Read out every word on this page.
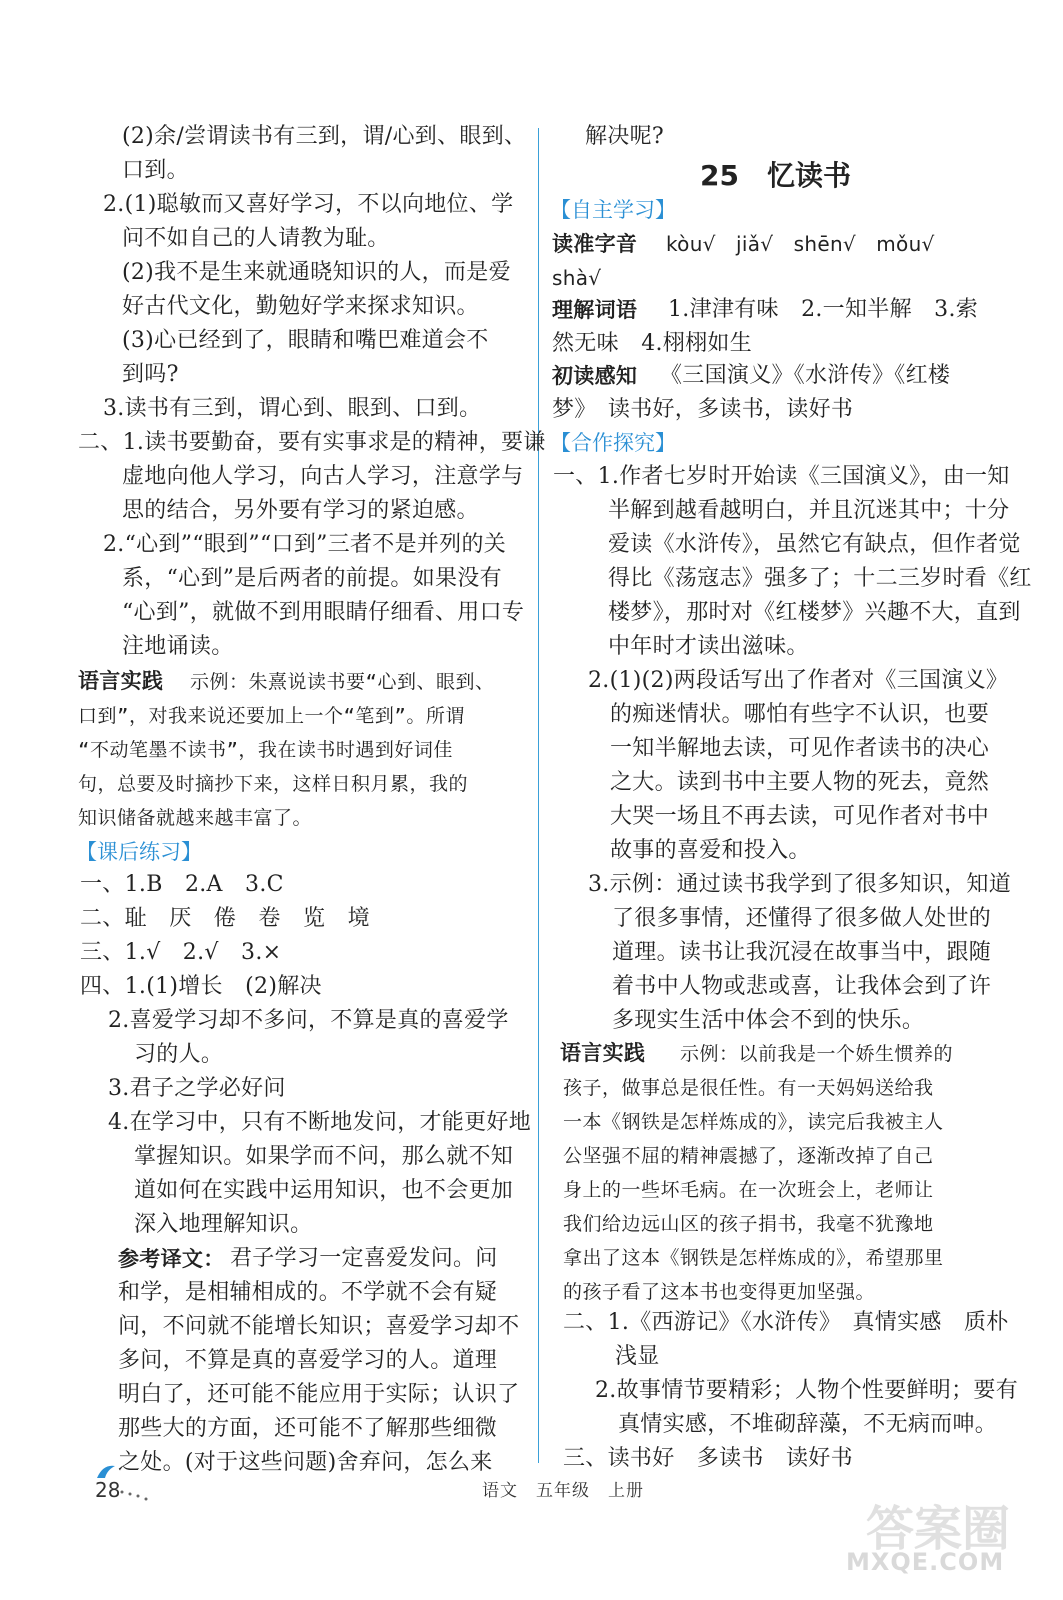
(2)余/尝谓读书有三到，谓/心到、眼到、
口到。
2.(1)聪敏而又喜好学习，不以向地位、学
问不如自己的人请教为耻。
(2)我不是生来就通晓知识的人，而是爱
好古代文化，勤勉好学来探求知识。
(3)心已经到了，眼睛和嘴巴难道会不
到吗?
3.读书有三到，谓心到、眼到、口到。
二、1.读书要勤奋，要有实事求是的精神，要谦
虚地向他人学习，向古人学习，注意学与
思的结合，另外要有学习的紧迫感。
2.“心到”“眼到”“口到”三者不是并列的关
系，“心到”是后两者的前提。如果没有
“心到”，就做不到用眼睛仔细看、用口专
注地诵读。
语言实践 示例：朱熹说读书要“心到、眼到、
口到”，对我来说还要加上一个“笔到”。所谓
“不动笔墨不读书”，我在读书时遇到好词佳
句，总要及时摘抄下来，这样日积月累，我的
知识储备就越来越丰富了。
【课后练习】
一、1.B　2.A　3.C
二、耻　厌　倦　卷　览　境
三、1.√　2.√　3.×
四、1.(1)增长　(2)解决
2.喜爱学习却不多问，不算是真的喜爱学
习的人。
3.君子之学必好问
4.在学习中，只有不断地发问，才能更好地
掌握知识。如果学而不问，那么就不知
道如何在实践中运用知识，也不会更加
深入地理解知识。
参考译文： 君子学习一定喜爱发问。问
和学，是相辅相成的。不学就不会有疑
问，不问就不能增长知识；喜爱学习却不
多问，不算是真的喜爱学习的人。道理
明白了，还可能不能应用于实际；认识了
那些大的方面，还可能不了解那些细微
之处。(对于这些问题)舍弃问，怎么来
解决呢?
25　忆读书
【自主学习】
读准字音 kòu√　jiǎ√　shēn√　mǒu√
shà√
理解词语 1.津津有味　2.一知半解　3.索
然无味　4.栩栩如生
初读感知 《三国演义》《水浒传》《红楼
梦》　读书好，多读书，读好书
【合作探究】
一、1.作者七岁时开始读《三国演义》，由一知
半解到越看越明白，并且沉迷其中；十分
爱读《水浒传》，虽然它有缺点，但作者觉
得比《荡寇志》强多了；十二三岁时看《红
楼梦》，那时对《红楼梦》兴趣不大，直到
中年时才读出滋味。
2.(1)(2)两段话写出了作者对《三国演义》
的痴迷情状。哪怕有些字不认识，也要
一知半解地去读，可见作者读书的决心
之大。读到书中主要人物的死去，竟然
大哭一场且不再去读，可见作者对书中
故事的喜爱和投入。
3.示例：通过读书我学到了很多知识，知道
了很多事情，还懂得了很多做人处世的
道理。读书让我沉浸在故事当中，跟随
着书中人物或悲或喜，让我体会到了许
多现实生活中体会不到的快乐。
语言实践 示例：以前我是一个娇生惯养的
孩子，做事总是很任性。有一天妈妈送给我
一本《钢铁是怎样炼成的》，读完后我被主人
公坚强不屈的精神震撼了，逐渐改掉了自己
身上的一些坏毛病。在一次班会上，老师让
我们给边远山区的孩子捐书，我毫不犹豫地
拿出了这本《钢铁是怎样炼成的》，希望那里
的孩子看了这本书也变得更加坚强。
二、1.《西游记》《水浒传》　真情实感　质朴
浅显
2.故事情节要精彩；人物个性要鲜明；要有
真情实感，不堆砌辞藻，不无病而呻。
三、读书好　多读书　读好书
28	语文　五年级　上册
答案圈
MXQE.COM
